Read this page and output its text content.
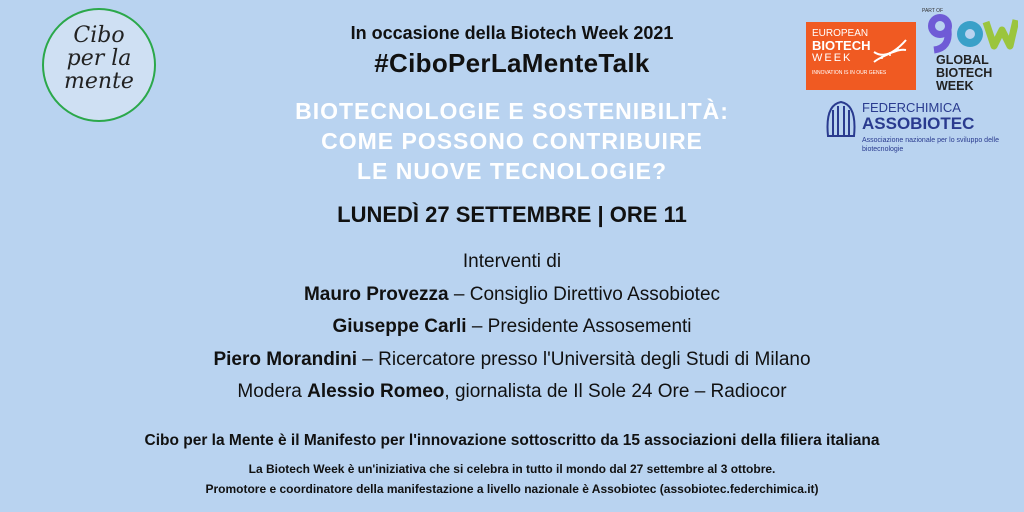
Cibo
per la
mente
In occasione della Biotech Week 2021
#CiboPerLaMenteTalk
BIOTECNOLOGIE E SOSTENIBILITÀ:
COME POSSONO CONTRIBUIRE
LE NUOVE TECNOLOGIE?
LUNEDÌ 27 SETTEMBRE | ORE 11
Interventi di
Mauro Provezza – Consiglio Direttivo Assobiotec
Giuseppe Carli – Presidente Assosementi
Piero Morandini – Ricercatore presso l'Università degli Studi di Milano
Modera Alessio Romeo, giornalista de Il Sole 24 Ore – Radiocor
Cibo per la Mente è il Manifesto per l'innovazione sottoscritto da 15 associazioni della filiera italiana
La Biotech Week è un'iniziativa che si celebra in tutto il mondo dal 27 settembre al 3 ottobre.
Promotore e coordinatore della manifestazione a livello nazionale è Assobiotec (assobiotec.federchimica.it)
EUROPEAN
BIOTECH
WEEK
INNOVATION IS IN OUR GENES
PART OF
GLOBAL
BIOTECH
WEEK
FEDERCHIMICA
ASSOBIOTEC
Associazione nazionale per lo sviluppo delle biotecnologie
